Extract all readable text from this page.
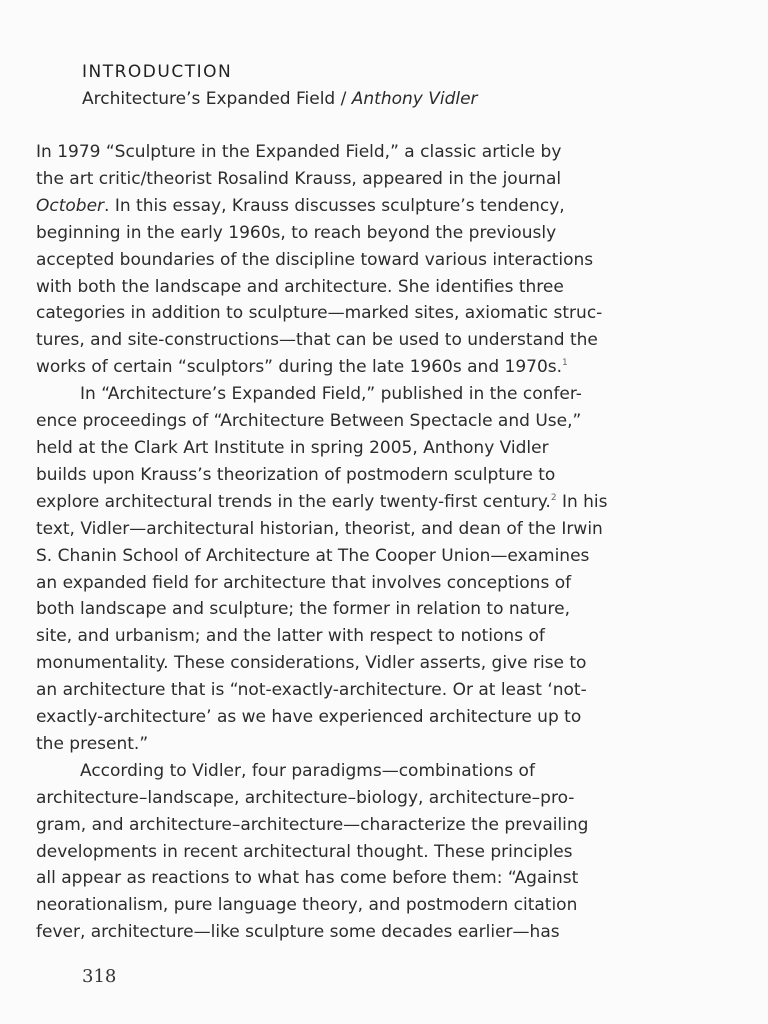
INTRODUCTION
Architecture’s Expanded Field / Anthony Vidler
In 1979 “Sculpture in the Expanded Field,” a classic article by
the art critic/theorist Rosalind Krauss, appeared in the journal
October. In this essay, Krauss discusses sculpture’s tendency,
beginning in the early 1960s, to reach beyond the previously
accepted boundaries of the discipline toward various interactions
with both the landscape and architecture. She identifies three
categories in addition to sculpture—marked sites, axiomatic struc-
tures, and site-constructions—that can be used to understand the
works of certain “sculptors” during the late 1960s and 1970s.$^1$
In “Architecture’s Expanded Field,” published in the confer-
ence proceedings of “Architecture Between Spectacle and Use,”
held at the Clark Art Institute in spring 2005, Anthony Vidler
builds upon Krauss’s theorization of postmodern sculpture to
explore architectural trends in the early twenty-first century.$^2$ In his
text, Vidler—architectural historian, theorist, and dean of the Irwin
S. Chanin School of Architecture at The Cooper Union—examines
an expanded field for architecture that involves conceptions of
both landscape and sculpture; the former in relation to nature,
site, and urbanism; and the latter with respect to notions of
monumentality. These considerations, Vidler asserts, give rise to
an architecture that is “not-exactly-architecture. Or at least ‘not-
exactly-architecture’ as we have experienced architecture up to
the present.”
According to Vidler, four paradigms—combinations of
architecture–landscape, architecture–biology, architecture–pro-
gram, and architecture–architecture—characterize the prevailing
developments in recent architectural thought. These principles
all appear as reactions to what has come before them: “Against
neorationalism, pure language theory, and postmodern citation
fever, architecture—like sculpture some decades earlier—has
318
